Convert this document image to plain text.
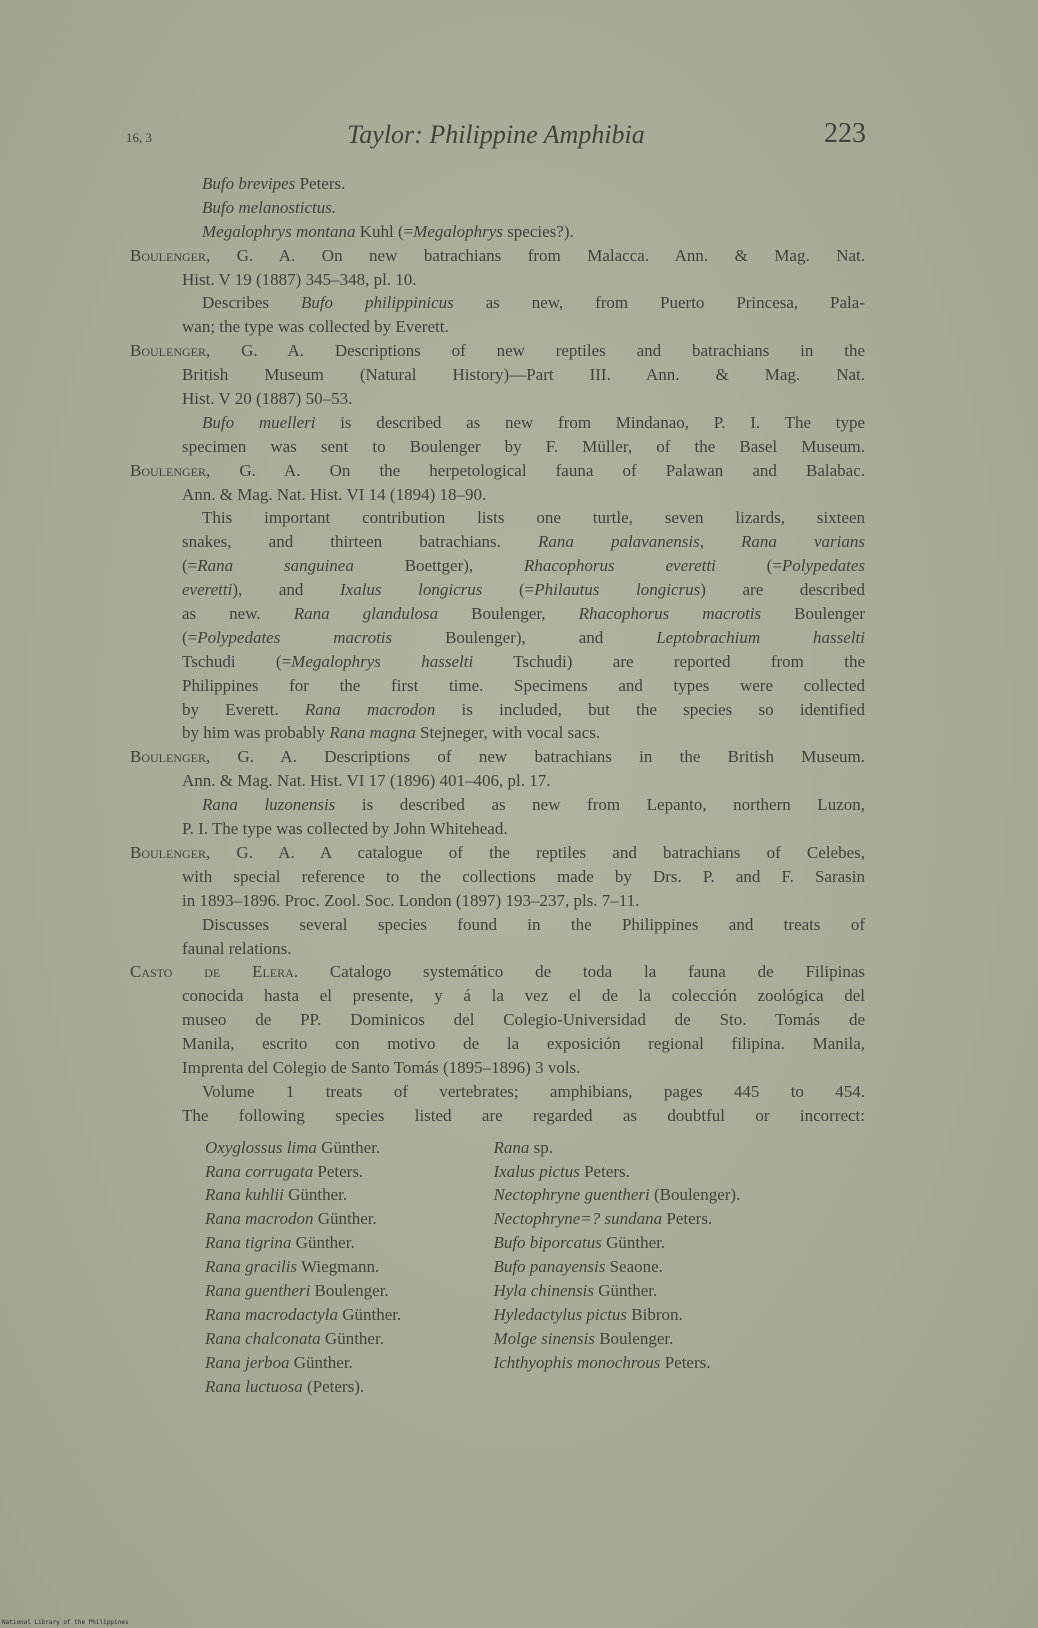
16, 3	Taylor: Philippine Amphibia	223
Bufo brevipes Peters.
Bufo melanostictus.
Megalophrys montana Kuhl (=Megalophrys species?).
Boulenger, G. A. On new batrachians from Malacca. Ann. & Mag. Nat.
Hist. V 19 (1887) 345–348, pl. 10.
Describes Bufo philippinicus as new, from Puerto Princesa, Pala-
wan; the type was collected by Everett.
Boulenger, G. A. Descriptions of new reptiles and batrachians in the
British Museum (Natural History)—Part III. Ann. & Mag. Nat.
Hist. V 20 (1887) 50–53.
Bufo muelleri is described as new from Mindanao, P. I. The type
specimen was sent to Boulenger by F. Müller, of the Basel Museum.
Boulenger, G. A. On the herpetological fauna of Palawan and Balabac.
Ann. & Mag. Nat. Hist. VI 14 (1894) 18–90.
This important contribution lists one turtle, seven lizards, sixteen
snakes, and thirteen batrachians. Rana palavanensis, Rana varians
(=Rana sanguinea Boettger), Rhacophorus everetti (=Polypedates
everetti), and Ixalus longicrus (=Philautus longicrus) are described
as new. Rana glandulosa Boulenger, Rhacophorus macrotis Boulenger
(=Polypedates macrotis Boulenger), and Leptobrachium hasselti
Tschudi (=Megalophrys hasselti Tschudi) are reported from the
Philippines for the first time. Specimens and types were collected
by Everett. Rana macrodon is included, but the species so identified
by him was probably Rana magna Stejneger, with vocal sacs.
Boulenger, G. A. Descriptions of new batrachians in the British Museum.
Ann. & Mag. Nat. Hist. VI 17 (1896) 401–406, pl. 17.
Rana luzonensis is described as new from Lepanto, northern Luzon,
P. I. The type was collected by John Whitehead.
Boulenger, G. A. A catalogue of the reptiles and batrachians of Celebes,
with special reference to the collections made by Drs. P. and F. Sarasin
in 1893–1896. Proc. Zool. Soc. London (1897) 193–237, pls. 7–11.
Discusses several species found in the Philippines and treats of
faunal relations.
Casto de Elera. Catalogo systemático de toda la fauna de Filipinas
conocida hasta el presente, y á la vez el de la colección zoológica del
museo de PP. Dominicos del Colegio-Universidad de Sto. Tomás de
Manila, escrito con motivo de la exposición regional filipina. Manila,
Imprenta del Colegio de Santo Tomás (1895–1896) 3 vols.
Volume 1 treats of vertebrates; amphibians, pages 445 to 454.
The following species listed are regarded as doubtful or incorrect:
Oxyglossus lima Günther.
Rana corrugata Peters.
Rana kuhlii Günther.
Rana macrodon Günther.
Rana tigrina Günther.
Rana gracilis Wiegmann.
Rana guentheri Boulenger.
Rana macrodactyla Günther.
Rana chalconata Günther.
Rana jerboa Günther.
Rana luctuosa (Peters).
Rana sp.
Ixalus pictus Peters.
Nectophryne guentheri (Boulenger).
Nectophryne=? sundana Peters.
Bufo biporcatus Günther.
Bufo panayensis Seaone.
Hyla chinensis Günther.
Hyledactylus pictus Bibron.
Molge sinensis Boulenger.
Ichthyophis monochrous Peters.
National Library of the Philippines
